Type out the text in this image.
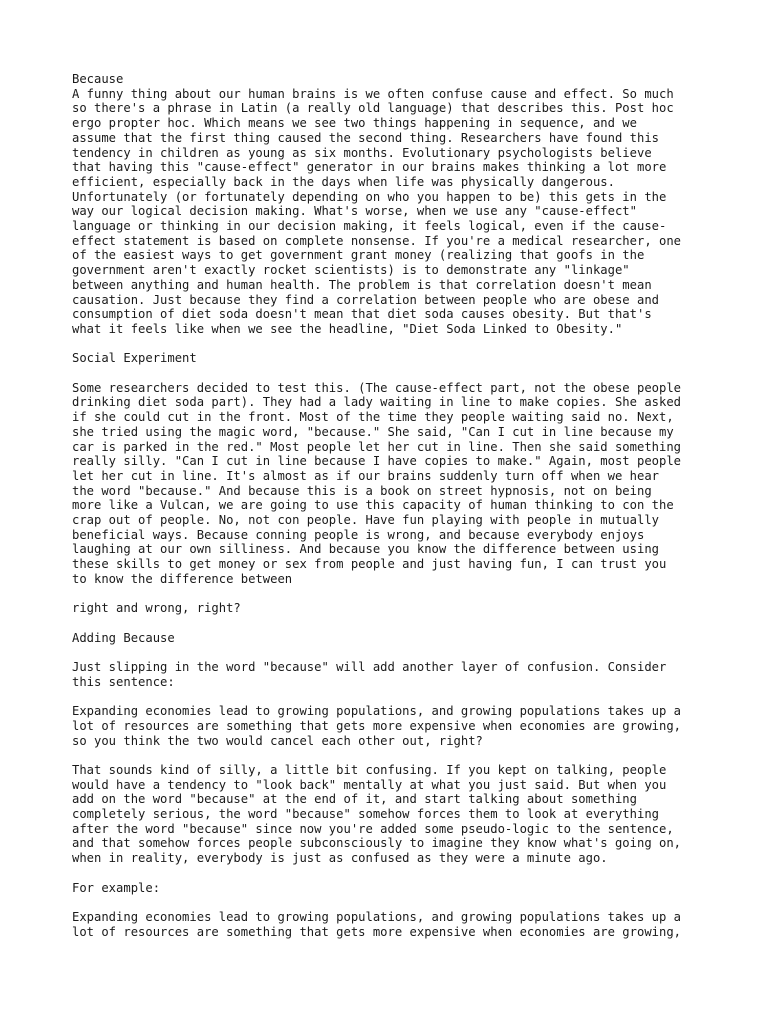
Because
A funny thing about our human brains is we often confuse cause and effect. So much
so there's a phrase in Latin (a really old language) that describes this. Post hoc
ergo propter hoc. Which means we see two things happening in sequence, and we
assume that the first thing caused the second thing. Researchers have found this
tendency in children as young as six months. Evolutionary psychologists believe
that having this "cause-effect" generator in our brains makes thinking a lot more
efficient, especially back in the days when life was physically dangerous.
Unfortunately (or fortunately depending on who you happen to be) this gets in the
way our logical decision making. What's worse, when we use any "cause-effect"
language or thinking in our decision making, it feels logical, even if the cause-
effect statement is based on complete nonsense. If you're a medical researcher, one
of the easiest ways to get government grant money (realizing that goofs in the
government aren't exactly rocket scientists) is to demonstrate any "linkage"
between anything and human health. The problem is that correlation doesn't mean
causation. Just because they find a correlation between people who are obese and
consumption of diet soda doesn't mean that diet soda causes obesity. But that's
what it feels like when we see the headline, "Diet Soda Linked to Obesity."

Social Experiment

Some researchers decided to test this. (The cause-effect part, not the obese people
drinking diet soda part). They had a lady waiting in line to make copies. She asked
if she could cut in the front. Most of the time they people waiting said no. Next,
she tried using the magic word, "because." She said, "Can I cut in line because my
car is parked in the red." Most people let her cut in line. Then she said something
really silly. "Can I cut in line because I have copies to make." Again, most people
let her cut in line. It's almost as if our brains suddenly turn off when we hear
the word "because." And because this is a book on street hypnosis, not on being
more like a Vulcan, we are going to use this capacity of human thinking to con the
crap out of people. No, not con people. Have fun playing with people in mutually
beneficial ways. Because conning people is wrong, and because everybody enjoys
laughing at our own silliness. And because you know the difference between using
these skills to get money or sex from people and just having fun, I can trust you
to know the difference between

right and wrong, right?

Adding Because

Just slipping in the word "because" will add another layer of confusion. Consider
this sentence:

Expanding economies lead to growing populations, and growing populations takes up a
lot of resources are something that gets more expensive when economies are growing,
so you think the two would cancel each other out, right?

That sounds kind of silly, a little bit confusing. If you kept on talking, people
would have a tendency to "look back" mentally at what you just said. But when you
add on the word "because" at the end of it, and start talking about something
completely serious, the word "because" somehow forces them to look at everything
after the word "because" since now you're added some pseudo-logic to the sentence,
and that somehow forces people subconsciously to imagine they know what's going on,
when in reality, everybody is just as confused as they were a minute ago.

For example:

Expanding economies lead to growing populations, and growing populations takes up a
lot of resources are something that gets more expensive when economies are growing,
